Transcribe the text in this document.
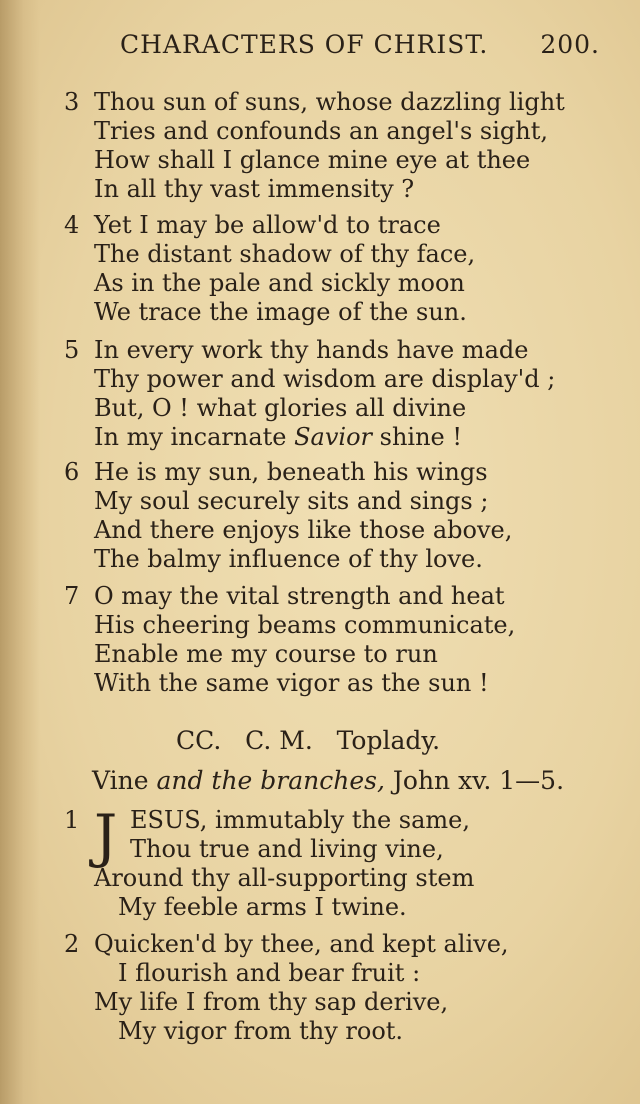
CHARACTERS OF CHRIST. 200.
3 Thou sun of suns, whose dazzling light
Tries and confounds an angel's sight,
How shall I glance mine eye at thee
In all thy vast immensity ?
4 Yet I may be allow'd to trace
The distant shadow of thy face,
As in the pale and sickly moon
We trace the image of the sun.
5 In every work thy hands have made
Thy power and wisdom are display'd ;
But, O ! what glories all divine
In my incarnate Savior shine !
6 He is my sun, beneath his wings
My soul securely sits and sings ;
And there enjoys like those above,
The balmy influence of thy love.
7 O may the vital strength and heat
His cheering beams communicate,
Enable me my course to run
With the same vigor as the sun !
CC.   C. M.   Toplady.
Vine and the branches, John xv. 1—5.
1 J ESUS, immutably the same,
Thou true and living vine,
Around thy all-supporting stem
My feeble arms I twine.
2 Quicken'd by thee, and kept alive,
I flourish and bear fruit :
My life I from thy sap derive,
My vigor from thy root.
